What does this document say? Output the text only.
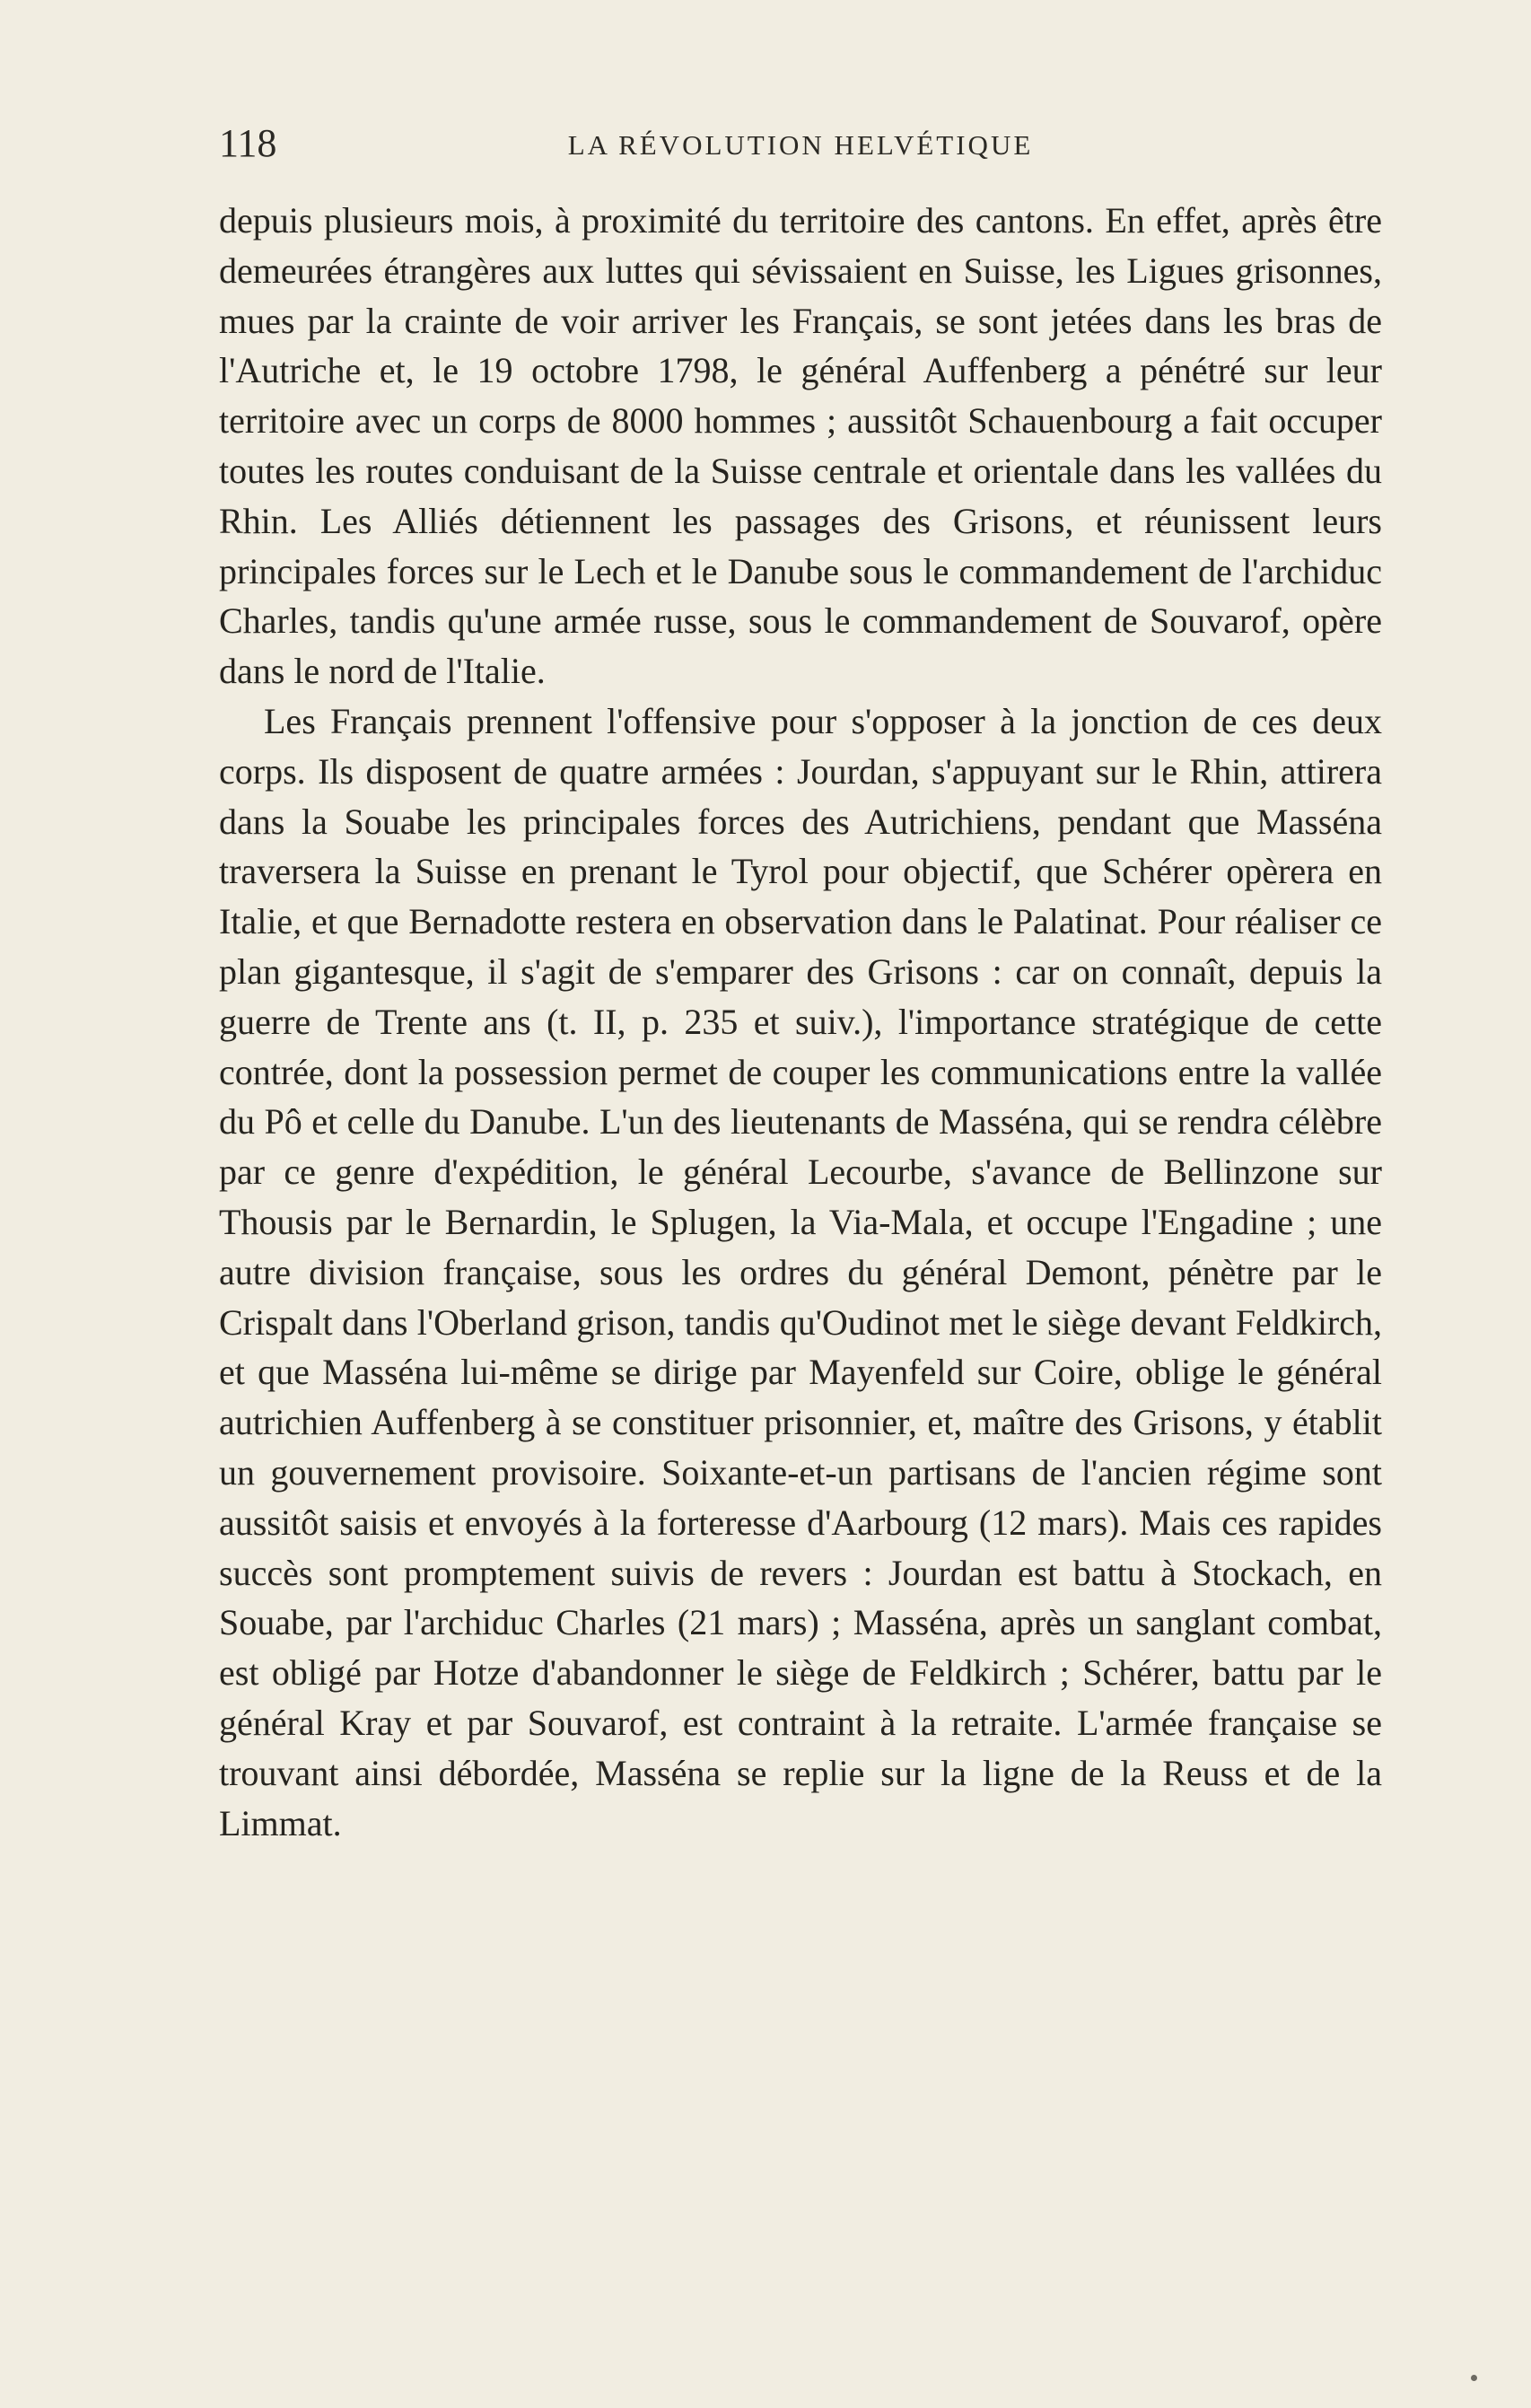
118	LA RÉVOLUTION HELVÉTIQUE

depuis plusieurs mois, à proximité du territoire des cantons. En effet, après être demeurées étrangères aux luttes qui sévissaient en Suisse, les Ligues grisonnes, mues par la crainte de voir arriver les Français, se sont jetées dans les bras de l'Autriche et, le 19 octobre 1798, le général Auffenberg a pénétré sur leur territoire avec un corps de 8000 hommes ; aussitôt Schauenbourg a fait occuper toutes les routes conduisant de la Suisse centrale et orientale dans les vallées du Rhin. Les Alliés détiennent les passages des Grisons, et réunissent leurs principales forces sur le Lech et le Danube sous le commandement de l'archiduc Charles, tandis qu'une armée russe, sous le commandement de Souvarof, opère dans le nord de l'Italie.

Les Français prennent l'offensive pour s'opposer à la jonction de ces deux corps. Ils disposent de quatre armées : Jourdan, s'appuyant sur le Rhin, attirera dans la Souabe les principales forces des Autrichiens, pendant que Masséna traversera la Suisse en prenant le Tyrol pour objectif, que Schérer opèrera en Italie, et que Bernadotte restera en observation dans le Palatinat. Pour réaliser ce plan gigantesque, il s'agit de s'emparer des Grisons : car on connaît, depuis la guerre de Trente ans (t. II, p. 235 et suiv.), l'importance stratégique de cette contrée, dont la possession permet de couper les communications entre la vallée du Pô et celle du Danube. L'un des lieutenants de Masséna, qui se rendra célèbre par ce genre d'expédition, le général Lecourbe, s'avance de Bellinzone sur Thousis par le Bernardin, le Splugen, la Via-Mala, et occupe l'Engadine ; une autre division française, sous les ordres du général Demont, pénètre par le Crispalt dans l'Oberland grison, tandis qu'Oudinot met le siège devant Feldkirch, et que Masséna lui-même se dirige par Mayenfeld sur Coire, oblige le général autrichien Auffenberg à se constituer prisonnier, et, maître des Grisons, y établit un gouvernement provisoire. Soixante-et-un partisans de l'ancien régime sont aussitôt saisis et envoyés à la forteresse d'Aarbourg (12 mars). Mais ces rapides succès sont promptement suivis de revers : Jourdan est battu à Stockach, en Souabe, par l'archiduc Charles (21 mars) ; Masséna, après un sanglant combat, est obligé par Hotze d'abandonner le siège de Feldkirch ; Schérer, battu par le général Kray et par Souvarof, est contraint à la retraite. L'armée française se trouvant ainsi débordée, Masséna se replie sur la ligne de la Reuss et de la Limmat.
